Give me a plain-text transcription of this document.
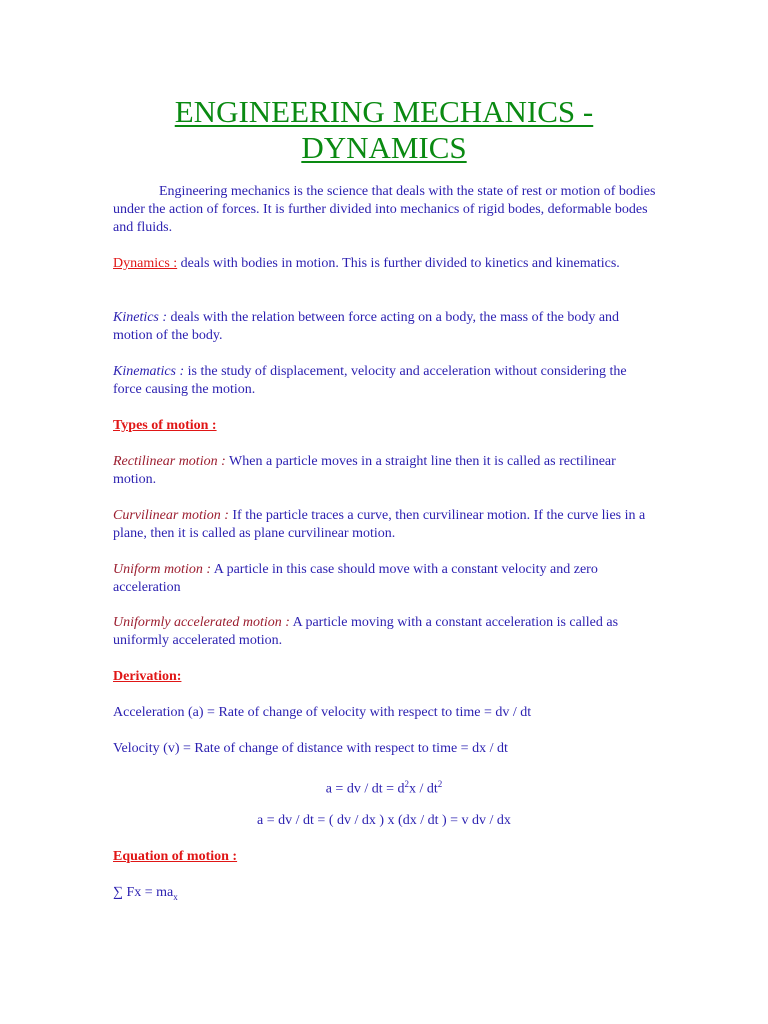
ENGINEERING MECHANICS -
DYNAMICS

Engineering mechanics is the science that deals with the state of rest or motion of bodies under the action of forces. It is further divided into mechanics of rigid bodes, deformable bodes and fluids.

Dynamics : deals with bodies in motion. This is further divided to kinetics and kinematics.

Kinetics : deals with the relation between force acting on a body, the mass of the body and motion of the body.

Kinematics : is the study of displacement, velocity and acceleration without considering the force causing the motion.

Types of motion :

Rectilinear motion : When a particle moves in a straight line then it is called as rectilinear motion.

Curvilinear motion : If the particle traces a curve, then curvilinear motion. If the curve lies in a plane, then it is called as plane curvilinear motion.

Uniform motion : A particle in this case should move with a constant velocity and zero acceleration

Uniformly accelerated motion : A particle moving with a constant acceleration is called as uniformly accelerated motion.

Derivation:

Acceleration (a) = Rate of change of velocity with respect to time = dv / dt

Velocity (v) = Rate of change of distance with respect to time = dx / dt

a = dv / dt = $d^2x / dt^2$

a = dv / dt = ( dv / dx ) x (dx / dt ) = v dv / dx

Equation of motion :

∑ $Fx = ma_x$
